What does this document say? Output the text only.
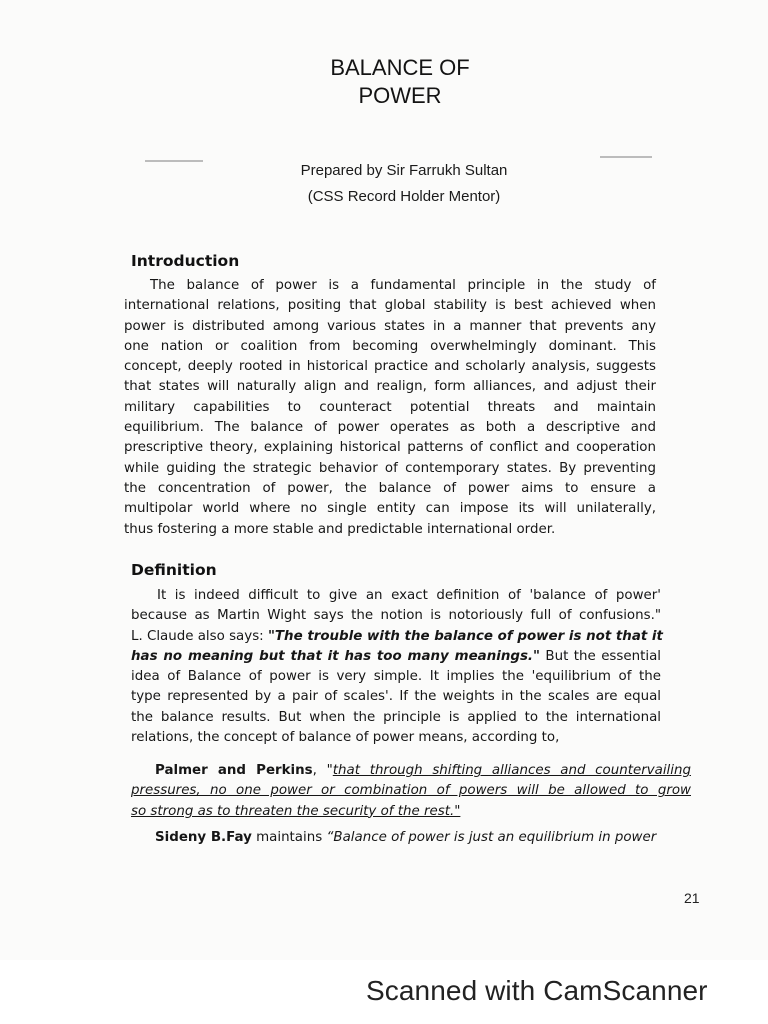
BALANCE OF
POWER
Prepared by Sir Farrukh Sultan
(CSS Record Holder Mentor)
Introduction
The balance of power is a fundamental principle in the study of
international relations, positing that global stability is best achieved when
power is distributed among various states in a manner that prevents any
one nation or coalition from becoming overwhelmingly dominant. This
concept, deeply rooted in historical practice and scholarly analysis, suggests
that states will naturally align and realign, form alliances, and adjust their
military capabilities to counteract potential threats and maintain
equilibrium. The balance of power operates as both a descriptive and
prescriptive theory, explaining historical patterns of conflict and cooperation
while guiding the strategic behavior of contemporary states. By preventing
the concentration of power, the balance of power aims to ensure a
multipolar world where no single entity can impose its will unilaterally,
thus fostering a more stable and predictable international order.
Definition
It is indeed difficult to give an exact definition of 'balance of power'
because as Martin Wight says the notion is notoriously full of confusions."
L. Claude also says: "The trouble with the balance of power is not that it
has no meaning but that it has too many meanings." But the essential
idea of Balance of power is very simple. It implies the 'equilibrium of the
type represented by a pair of scales'. If the weights in the scales are equal
the balance results. But when the principle is applied to the international
relations, the concept of balance of power means, according to,
Palmer and Perkins, "that through shifting alliances and countervailing
pressures, no one power or combination of powers will be allowed to grow
so strong as to threaten the security of the rest."
Sideny B.Fay maintains “Balance of power is just an equilibrium in power
21
Scanned with CamScanner
